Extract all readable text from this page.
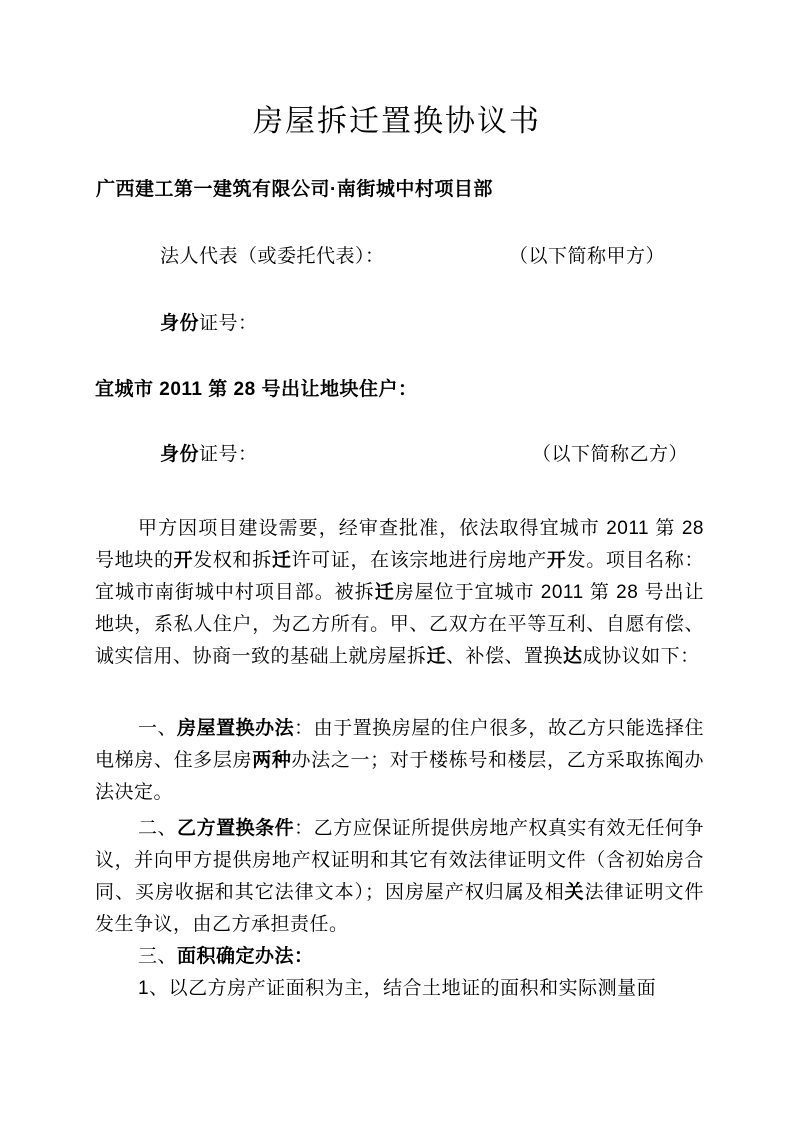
房屋拆迁置换协议书
广西建工第一建筑有限公司·南街城中村项目部
法人代表（或委托代表）：	（以下简称甲方）
身份证号：
宜城市 2011 第 28 号出让地块住户：
身份证号：	（以下简称乙方）
甲方因项目建设需要，经审查批准，依法取得宜城市 2011 第 28 号地块的开发权和拆迁许可证，在该宗地进行房地产开发。项目名称：宜城市南街城中村项目部。被拆迁房屋位于宜城市 2011 第 28 号出让地块，系私人住户，为乙方所有。甲、乙双方在平等互利、自愿有偿、诚实信用、协商一致的基础上就房屋拆迁、补偿、置换达成协议如下：
一、房屋置换办法：由于置换房屋的住户很多，故乙方只能选择住电梯房、住多层房两种办法之一；对于楼栋号和楼层，乙方采取拣阄办法决定。
二、乙方置换条件：乙方应保证所提供房地产权真实有效无任何争议，并向甲方提供房地产权证明和其它有效法律证明文件（含初始房合同、买房收据和其它法律文本）；因房屋产权归属及相关法律证明文件发生争议，由乙方承担责任。
三、面积确定办法：
1、以乙方房产证面积为主，结合土地证的面积和实际测量面
